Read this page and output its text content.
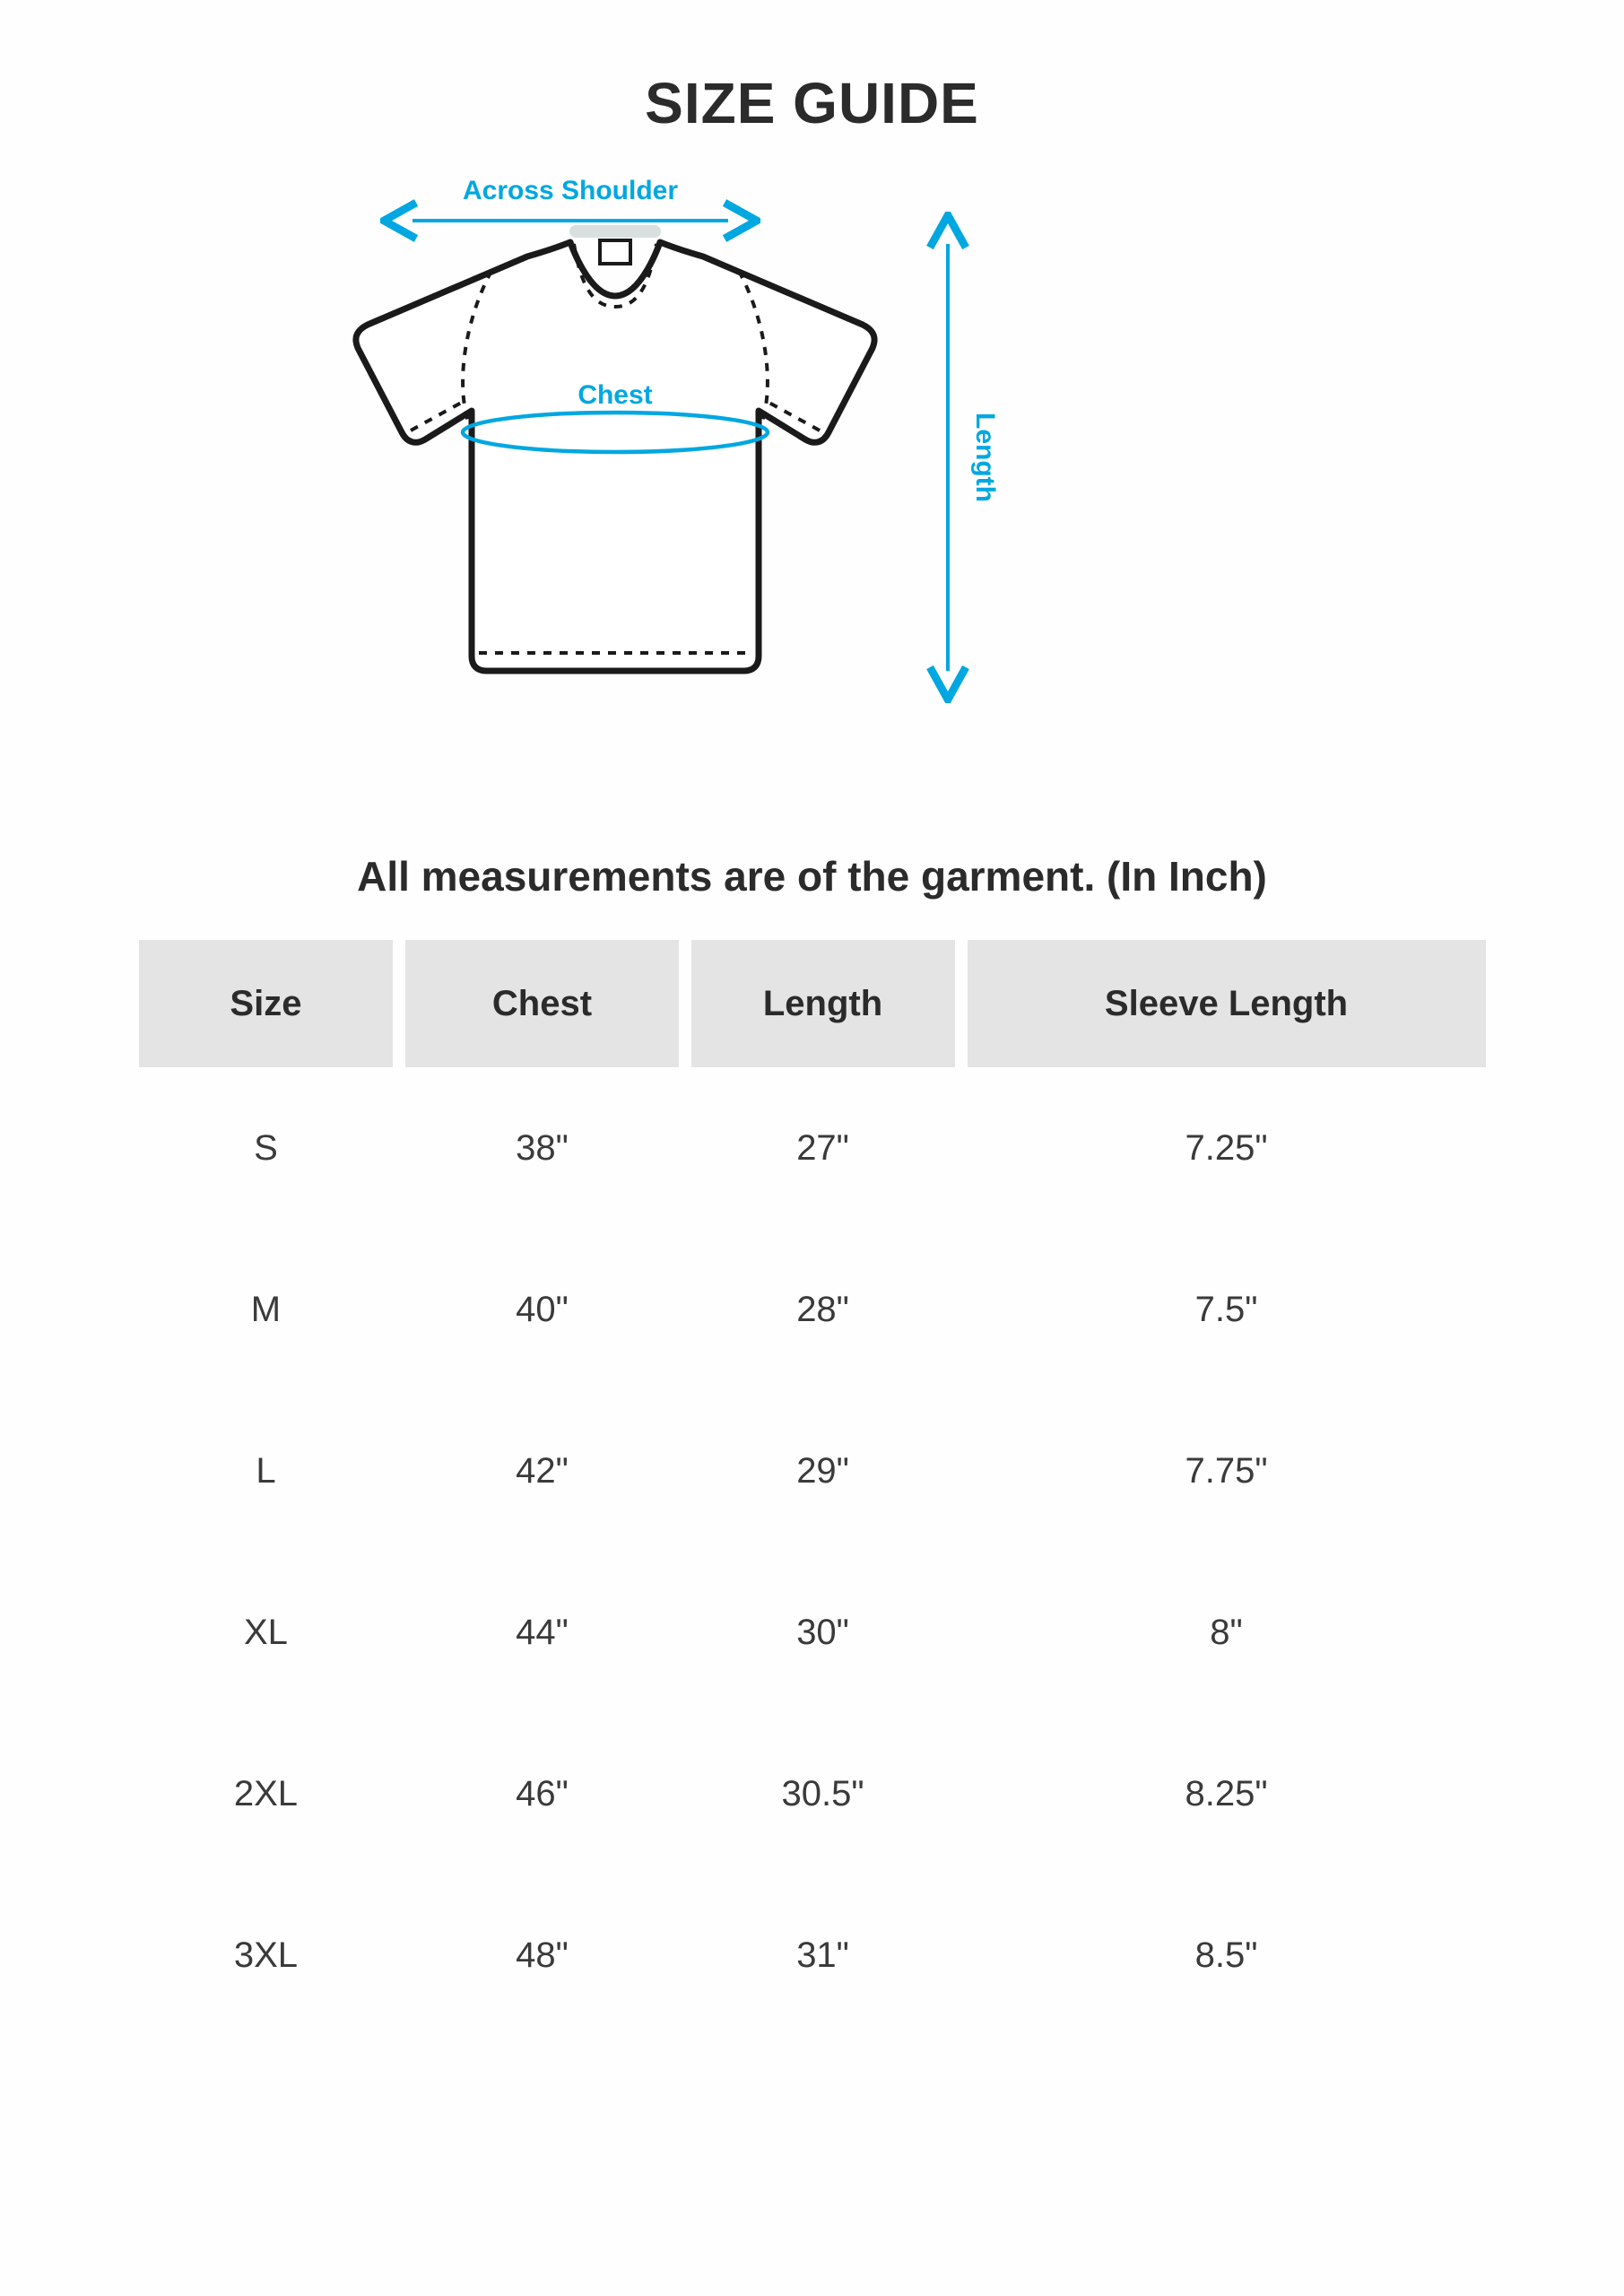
SIZE GUIDE
Across Shoulder
Chest
Length
All measurements are of the garment. (In Inch)
Size	Chest	Length	Sleeve Length
S	38"	27"	7.25"
M	40"	28"	7.5"
L	42"	29"	7.75"
XL	44"	30"	8"
2XL	46"	30.5"	8.25"
3XL	48"	31"	8.5"
